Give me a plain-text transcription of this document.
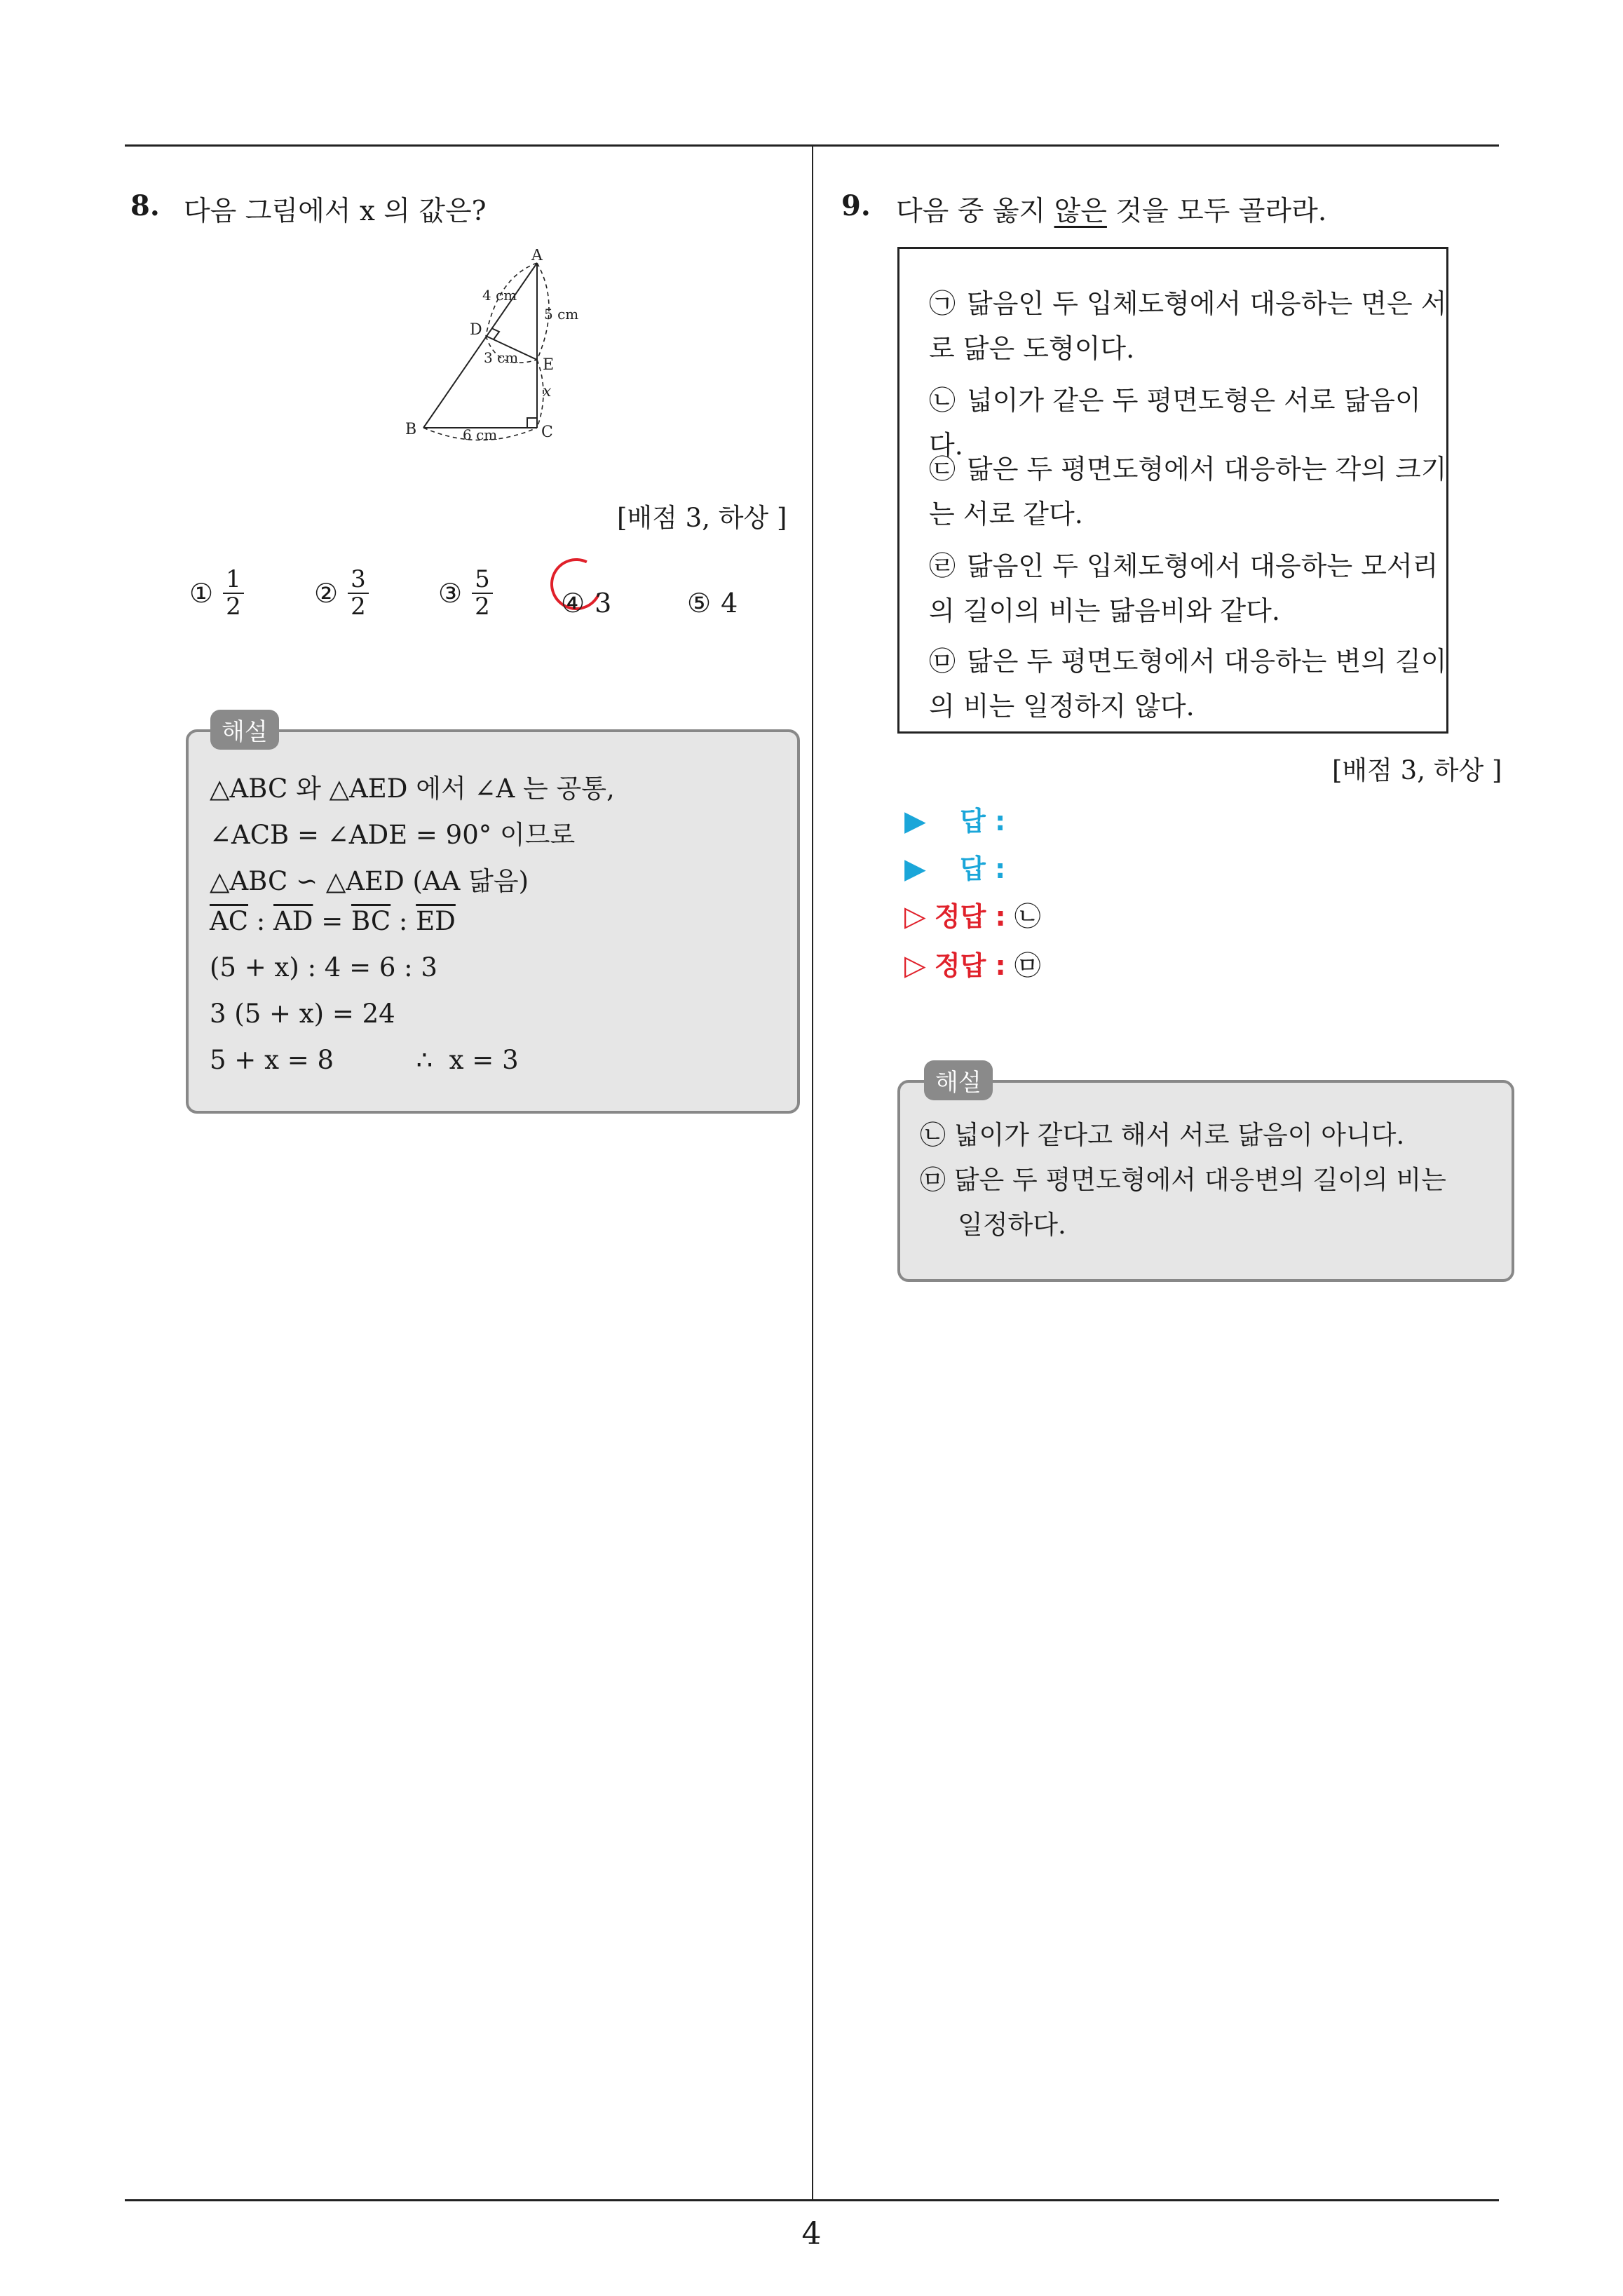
8. 다음 그림에서 x 의 값은?
A
B	C
D
E
4 cm
5 cm
3 cm
6 cm
x
[배점 3, 하상 ]
① $\frac{1}{2}$	② $\frac{3}{2}$	③ $\frac{5}{2}$	④ 3	⑤ 4
△ABC 와 △AED 에서 ∠A 는 공통,
∠ACB = ∠ADE = 90° 이므로
△ABC ∽ △AED (AA 닮음)
$\overline{AC}$ : $\overline{AD} = \overline{BC}$ : $\overline{ED}$
(5 + x) : 4 = 6 : 3
3 (5 + x) = 24
5 + x = 8          ∴  x = 3
해설
9. 다음 중 옳지 않은 것을 모두 골라라.
㉠ 닮음인 두 입체도형에서 대응하는 면은 서로 닮은 도형이다.
㉡ 넓이가 같은 두 평면도형은 서로 닮음이다.
㉢ 닮은 두 평면도형에서 대응하는 각의 크기는 서로 같다.
㉣ 닮음인 두 입체도형에서 대응하는 모서리의 길이의 비는 닮음비와 같다.
㉤ 닮은 두 평면도형에서 대응하는 변의 길이의 비는 일정하지 않다.
[배점 3, 하상 ]
▶ 답 :
▶ 답 :
▷ 정답 : ㉡
▷ 정답 : ㉤
㉡ 넓이가 같다고 해서 서로 닮음이 아니다.
㉤ 닮은 두 평면도형에서 대응변의 길이의 비는
일정하다.
해설
4
